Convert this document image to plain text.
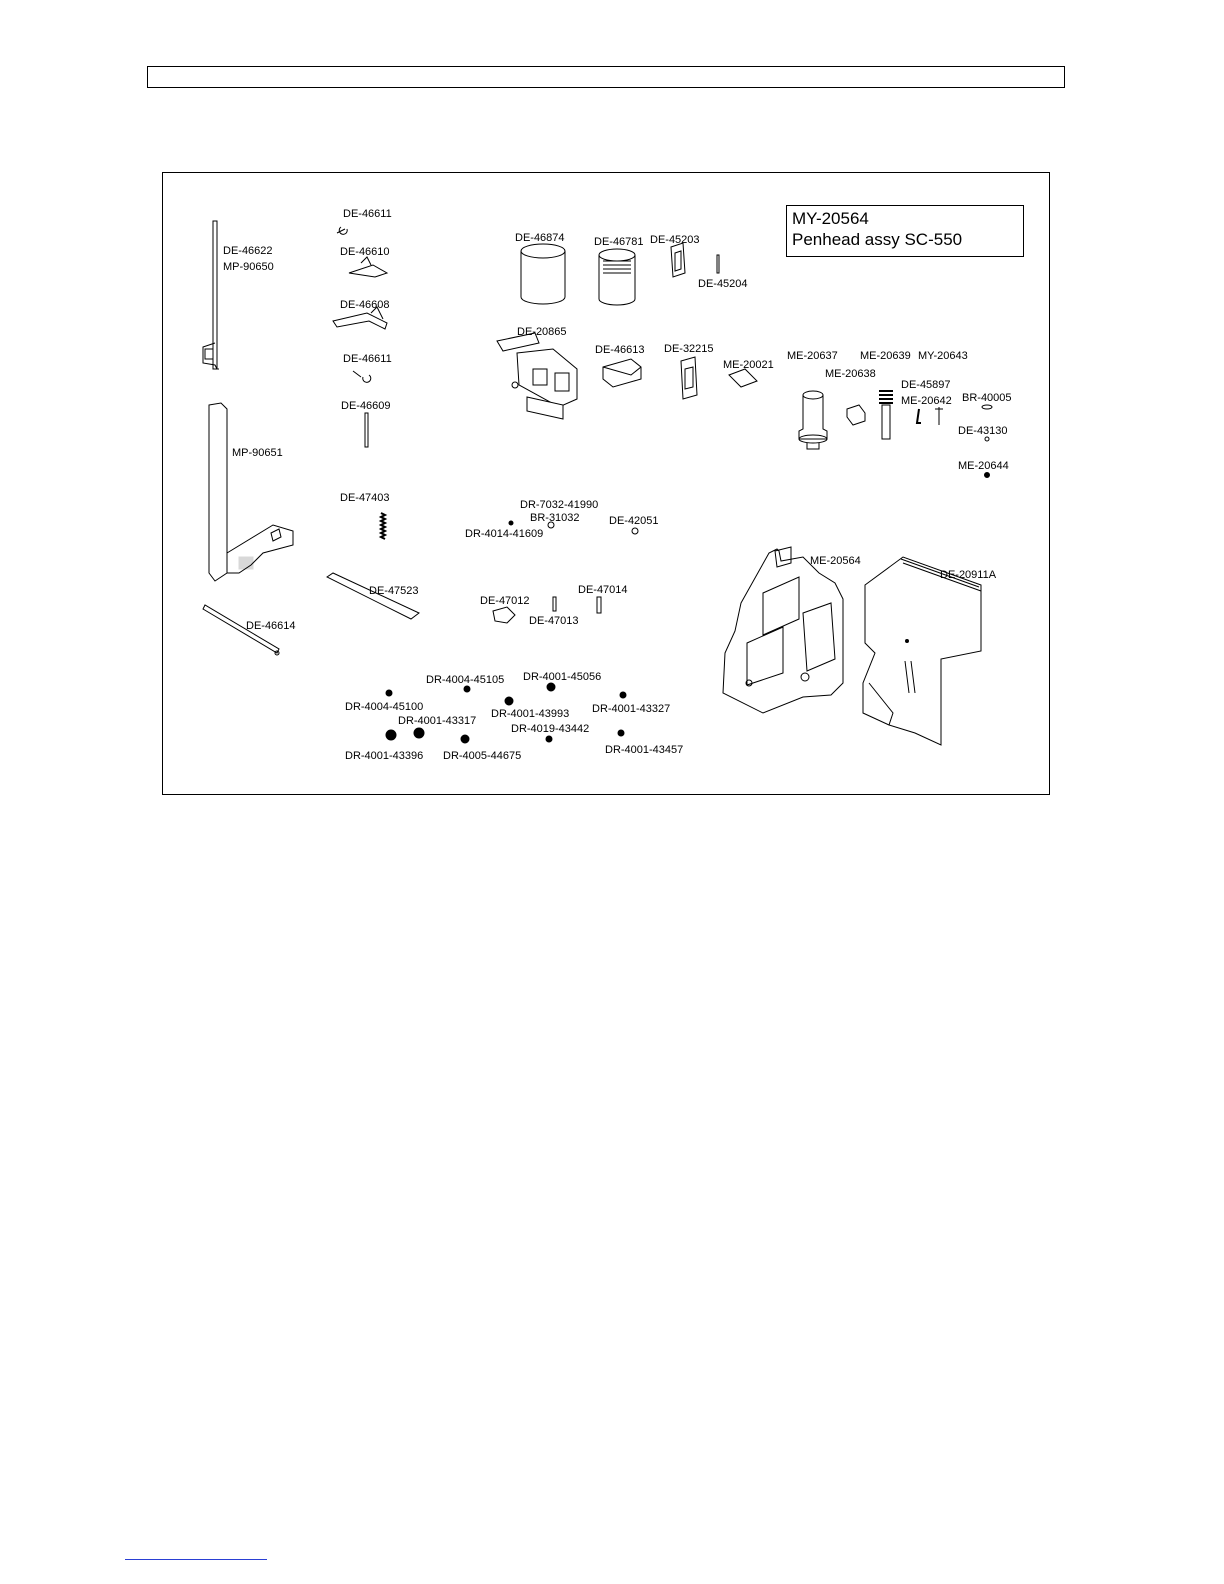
MY-20564
Penhead assy SC-550
DE-46611
DE-46610
DE-46608
DE-46611
DE-46609
DE-47403
DE-47523
DE-46622
MP-90650
MP-90651
DE-46614
DE-46874	DE-46781 DE-45203
DE-45204
DE-20865
DE-46613 DE-32215
ME-20021
ME-20637 ME-20639 MY-20643
ME-20638
DE-45897
ME-20642 BR-40005
DE-43130
ME-20644
DR-7032-41990
BR-31032
DR-4014-41609
DE-42051
DE-47012
DE-47014
DE-47013
ME-20564
DE-20911A
DR-4004-45105 DR-4001-45056
DR-4004-45100
DR-4001-43317
DR-4001-43993 DR-4001-43327
DR-4019-43442
DR-4001-43396 DR-4005-44675	DR-4001-43457
